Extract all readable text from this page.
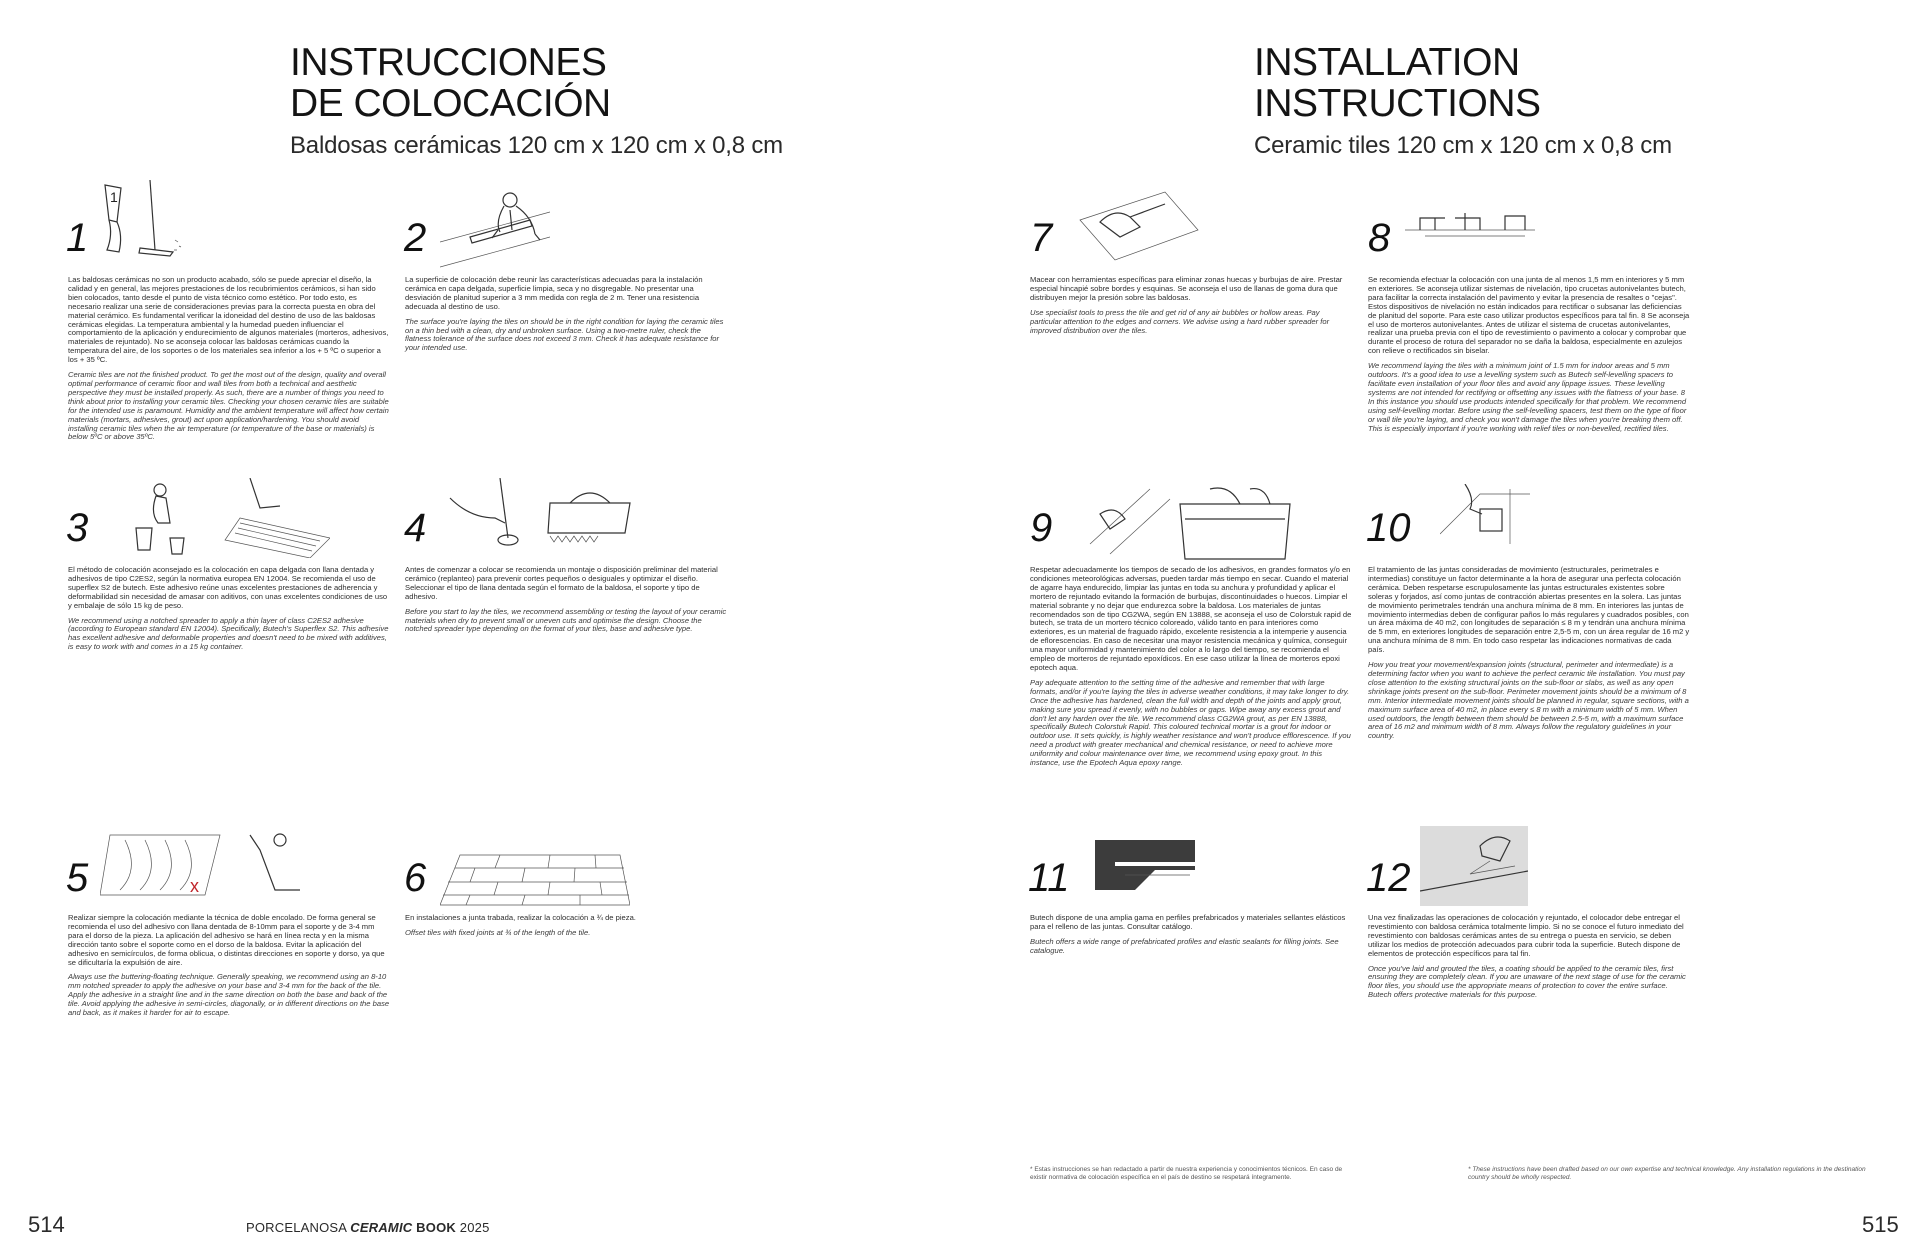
INSTRUCCIONES
DE COLOCACIÓN

Baldosas cerámicas 120 cm x 120 cm x 0,8 cm

INSTALLATION
INSTRUCTIONS

Ceramic tiles 120 cm x 120 cm x 0,8 cm

1
1

Las baldosas cerámicas no son un producto acabado, sólo se puede apreciar el diseño, la calidad y en general, las mejores prestaciones de los recubrimientos cerámicos, si han sido bien colocados, tanto desde el punto de vista técnico como estético. Por todo esto, es necesario realizar una serie de consideraciones previas para la correcta puesta en obra del material cerámico. Es fundamental verificar la idoneidad del destino de uso de las baldosas cerámicas elegidas. La temperatura ambiental y la humedad pueden influenciar el comportamiento de la aplicación y endurecimiento de algunos materiales (morteros, adhesivos, materiales de rejuntado). No se aconseja colocar las baldosas cerámicas cuando la temperatura del aire, de los soportes o de los materiales sea inferior a los + 5 ºC o superior a los + 35 ºC.

Ceramic tiles are not the finished product. To get the most out of the design, quality and overall optimal performance of ceramic floor and wall tiles from both a technical and aesthetic perspective they must be installed properly. As such, there are a number of things you need to think about prior to installing your ceramic tiles. Checking your chosen ceramic tiles are suitable for the intended use is paramount. Humidity and the ambient temperature will affect how certain materials (mortars, adhesives, grout) act upon application/hardening. You should avoid installing ceramic tiles when the air temperature (or temperature of the base or materials) is below 5ºC or above 35ºC.

2

La superficie de colocación debe reunir las características adecuadas para la instalación cerámica en capa delgada, superficie limpia, seca y no disgregable. No presentar una desviación de planitud superior a 3 mm medida con regla de 2 m. Tener una resistencia adecuada al destino de uso.

The surface you're laying the tiles on should be in the right condition for laying the ceramic tiles on a thin bed with a clean, dry and unbroken surface. Using a two-metre ruler, check the flatness tolerance of the surface does not exceed 3 mm. Check it has adequate resistance for your intended use.

3

El método de colocación aconsejado es la colocación en capa delgada con llana dentada y adhesivos de tipo C2ES2, según la normativa europea EN 12004. Se recomienda el uso de superflex S2 de butech. Este adhesivo reúne unas excelentes prestaciones de adherencia y deformabilidad sin necesidad de amasar con aditivos, con unas excelentes condiciones de uso y embalaje de sólo 15 kg de peso.

We recommend using a notched spreader to apply a thin layer of class C2ES2 adhesive (according to European standard EN 12004). Specifically, Butech's Superflex S2. This adhesive has excellent adhesive and deformable properties and doesn't need to be mixed with additives, is easy to work with and comes in a 15 kg container.

4

Antes de comenzar a colocar se recomienda un montaje o disposición preliminar del material cerámico (replanteo) para prevenir cortes pequeños o desiguales y optimizar el diseño. Seleccionar el tipo de llana dentada según el formato de la baldosa, el soporte y tipo de adhesivo.

Before you start to lay the tiles, we recommend assembling or testing the layout of your ceramic materials when dry to prevent small or uneven cuts and optimise the design. Choose the notched spreader type depending on the format of your tiles, base and adhesive type.

x
5

Realizar siempre la colocación mediante la técnica de doble encolado. De forma general se recomienda el uso del adhesivo con llana dentada de 8-10mm para el soporte y de 3-4 mm para el dorso de la pieza. La aplicación del adhesivo se hará en línea recta y en la misma dirección tanto sobre el soporte como en el dorso de la baldosa. Evitar la aplicación del adhesivo en semicírculos, de forma oblicua, o distintas direcciones en soporte y dorso, ya que se dificultaría la expulsión de aire.

Always use the buttering-floating technique. Generally speaking, we recommend using an 8-10 mm notched spreader to apply the adhesive on your base and 3-4 mm for the back of the tile. Apply the adhesive in a straight line and in the same direction on both the base and back of the tile. Avoid applying the adhesive in semi-circles, diagonally, or in different directions on the base and back, as it makes it harder for air to escape.

6

En instalaciones a junta trabada, realizar la colocación a ¾ de pieza.

Offset tiles with fixed joints at ¾ of the length of the tile.

7

Macear con herramientas específicas para eliminar zonas huecas y burbujas de aire. Prestar especial hincapié sobre bordes y esquinas. Se aconseja el uso de llanas de goma dura que distribuyen mejor la presión sobre las baldosas.

Use specialist tools to press the tile and get rid of any air bubbles or hollow areas. Pay particular attention to the edges and corners. We advise using a hard rubber spreader for improved distribution over the tiles.

8

Se recomienda efectuar la colocación con una junta de al menos 1,5 mm en interiores y 5 mm en exteriores. Se aconseja utilizar sistemas de nivelación, tipo crucetas autonivelantes butech, para facilitar la correcta instalación del pavimento y evitar la presencia de resaltes o "cejas". Estos dispositivos de nivelación no están indicados para rectificar o subsanar las deficiencias de planitud del soporte. Para este caso utilizar productos específicos para tal fin. 8 Se aconseja el uso de morteros autonivelantes. Antes de utilizar el sistema de crucetas autonivelantes, realizar una prueba previa con el tipo de revestimiento o pavimento a colocar y comprobar que durante el proceso de rotura del separador no se daña la baldosa, especialmente en azulejos con relieve o rectificados sin biselar.

We recommend laying the tiles with a minimum joint of 1.5 mm for indoor areas and 5 mm outdoors. It's a good idea to use a levelling system such as Butech self-levelling spacers to facilitate even installation of your floor tiles and avoid any lippage issues. These levelling systems are not intended for rectifying or offsetting any issues with the flatness of your base. 8 In this instance you should use products intended specifically for that problem. We recommend using self-levelling mortar. Before using the self-levelling spacers, test them on the type of floor or wall tile you're laying, and check you won't damage the tiles when you're breaking them off. This is especially important if you're working with relief tiles or non-bevelled, rectified tiles.

9

Respetar adecuadamente los tiempos de secado de los adhesivos, en grandes formatos y/o en condiciones meteorológicas adversas, pueden tardar más tiempo en secar. Cuando el material de agarre haya endurecido, limpiar las juntas en toda su anchura y profundidad y aplicar el mortero de rejuntado evitando la formación de burbujas, discontinuidades o huecos. Limpiar el material sobrante y no dejar que endurezca sobre la baldosa. Los materiales de juntas recomendados son de tipo CG2WA, según EN 13888, se aconseja el uso de Colorstuk rapid de butech, se trata de un mortero técnico coloreado, válido tanto en para interiores como exteriores, es un material de fraguado rápido, excelente resistencia a la intemperie y ausencia de eflorescencias. En caso de necesitar una mayor resistencia mecánica y química, conseguir una mayor uniformidad y mantenimiento del color a lo largo del tiempo, se recomienda el empleo de morteros de rejuntado epoxídicos. En ese caso utilizar la línea de morteros epoxi epotech aqua.

Pay adequate attention to the setting time of the adhesive and remember that with large formats, and/or if you're laying the tiles in adverse weather conditions, it may take longer to dry. Once the adhesive has hardened, clean the full width and depth of the joints and apply grout, making sure you spread it evenly, with no bubbles or gaps. Wipe away any excess grout and don't let any harden over the tile. We recommend class CG2WA grout, as per EN 13888, specifically Butech Colorstuk Rapid. This coloured technical mortar is a grout for indoor or outdoor use. It sets quickly, is highly weather resistance and won't produce efflorescence. If you need a product with greater mechanical and chemical resistance, or need to achieve more uniformity and colour maintenance over time, we recommend using epoxy grout. In this instance, use the Epotech Aqua epoxy range.

10

El tratamiento de las juntas consideradas de movimiento (estructurales, perimetrales e intermedias) constituye un factor determinante a la hora de asegurar una perfecta colocación cerámica. Deben respetarse escrupulosamente las juntas estructurales existentes sobre soleras y forjados, así como juntas de contracción abiertas presentes en la solera. Las juntas de movimiento perimetrales tendrán una anchura mínima de 8 mm. En interiores las juntas de movimiento intermedias deben de configurar paños lo más regulares y cuadrados posibles, con un área máxima de 40 m2, con longitudes de separación ≤ 8 m y tendrán una anchura mínima de 5 mm, en exteriores longitudes de separación entre 2,5-5 m, con un área regular de 16 m2 y una anchura mínima de 8 mm. En todo caso respetar las indicaciones normativas de cada país.

How you treat your movement/expansion joints (structural, perimeter and intermediate) is a determining factor when you want to achieve the perfect ceramic tile installation. You must pay close attention to the existing structural joints on the sub-floor or slabs, as well as any open shrinkage joints present on the sub-floor. Perimeter movement joints should be a minimum of 8 mm. Interior intermediate movement joints should be planned in regular, square sections, with a maximum surface area of 40 m2, in place every ≤ 8 m with a minimum width of 5 mm. When used outdoors, the length between them should be between 2.5-5 m, with a maximum surface area of 16 m2 and minimum width of 8 mm. Always follow the regulatory guidelines in your country.

11

Butech dispone de una amplia gama en perfiles prefabricados y materiales sellantes elásticos para el relleno de las juntas. Consultar catálogo.

Butech offers a wide range of prefabricated profiles and elastic sealants for filling joints. See catalogue.

12

Una vez finalizadas las operaciones de colocación y rejuntado, el colocador debe entregar el revestimiento con baldosa cerámica totalmente limpio. Si no se conoce el futuro inmediato del revestimiento con baldosas cerámicas antes de su entrega o puesta en servicio, se deben utilizar los medios de protección adecuados para cubrir toda la superficie. Butech dispone de elementos de protección específicos para tal fin.

Once you've laid and grouted the tiles, a coating should be applied to the ceramic tiles, first ensuring they are completely clean. If you are unaware of the next stage of use for the ceramic floor tiles, you should use the appropriate means of protection to cover the entire surface. Butech offers protective materials for this purpose.

* Estas instrucciones se han redactado a partir de nuestra experiencia y conocimientos técnicos. En caso de existir normativa de colocación específica en el país de destino se respetará íntegramente.
* These instructions have been drafted based on our own expertise and technical knowledge. Any installation regulations in the destination country should be wholly respected.
514	PORCELANOSA CERAMIC BOOK 2025	515
